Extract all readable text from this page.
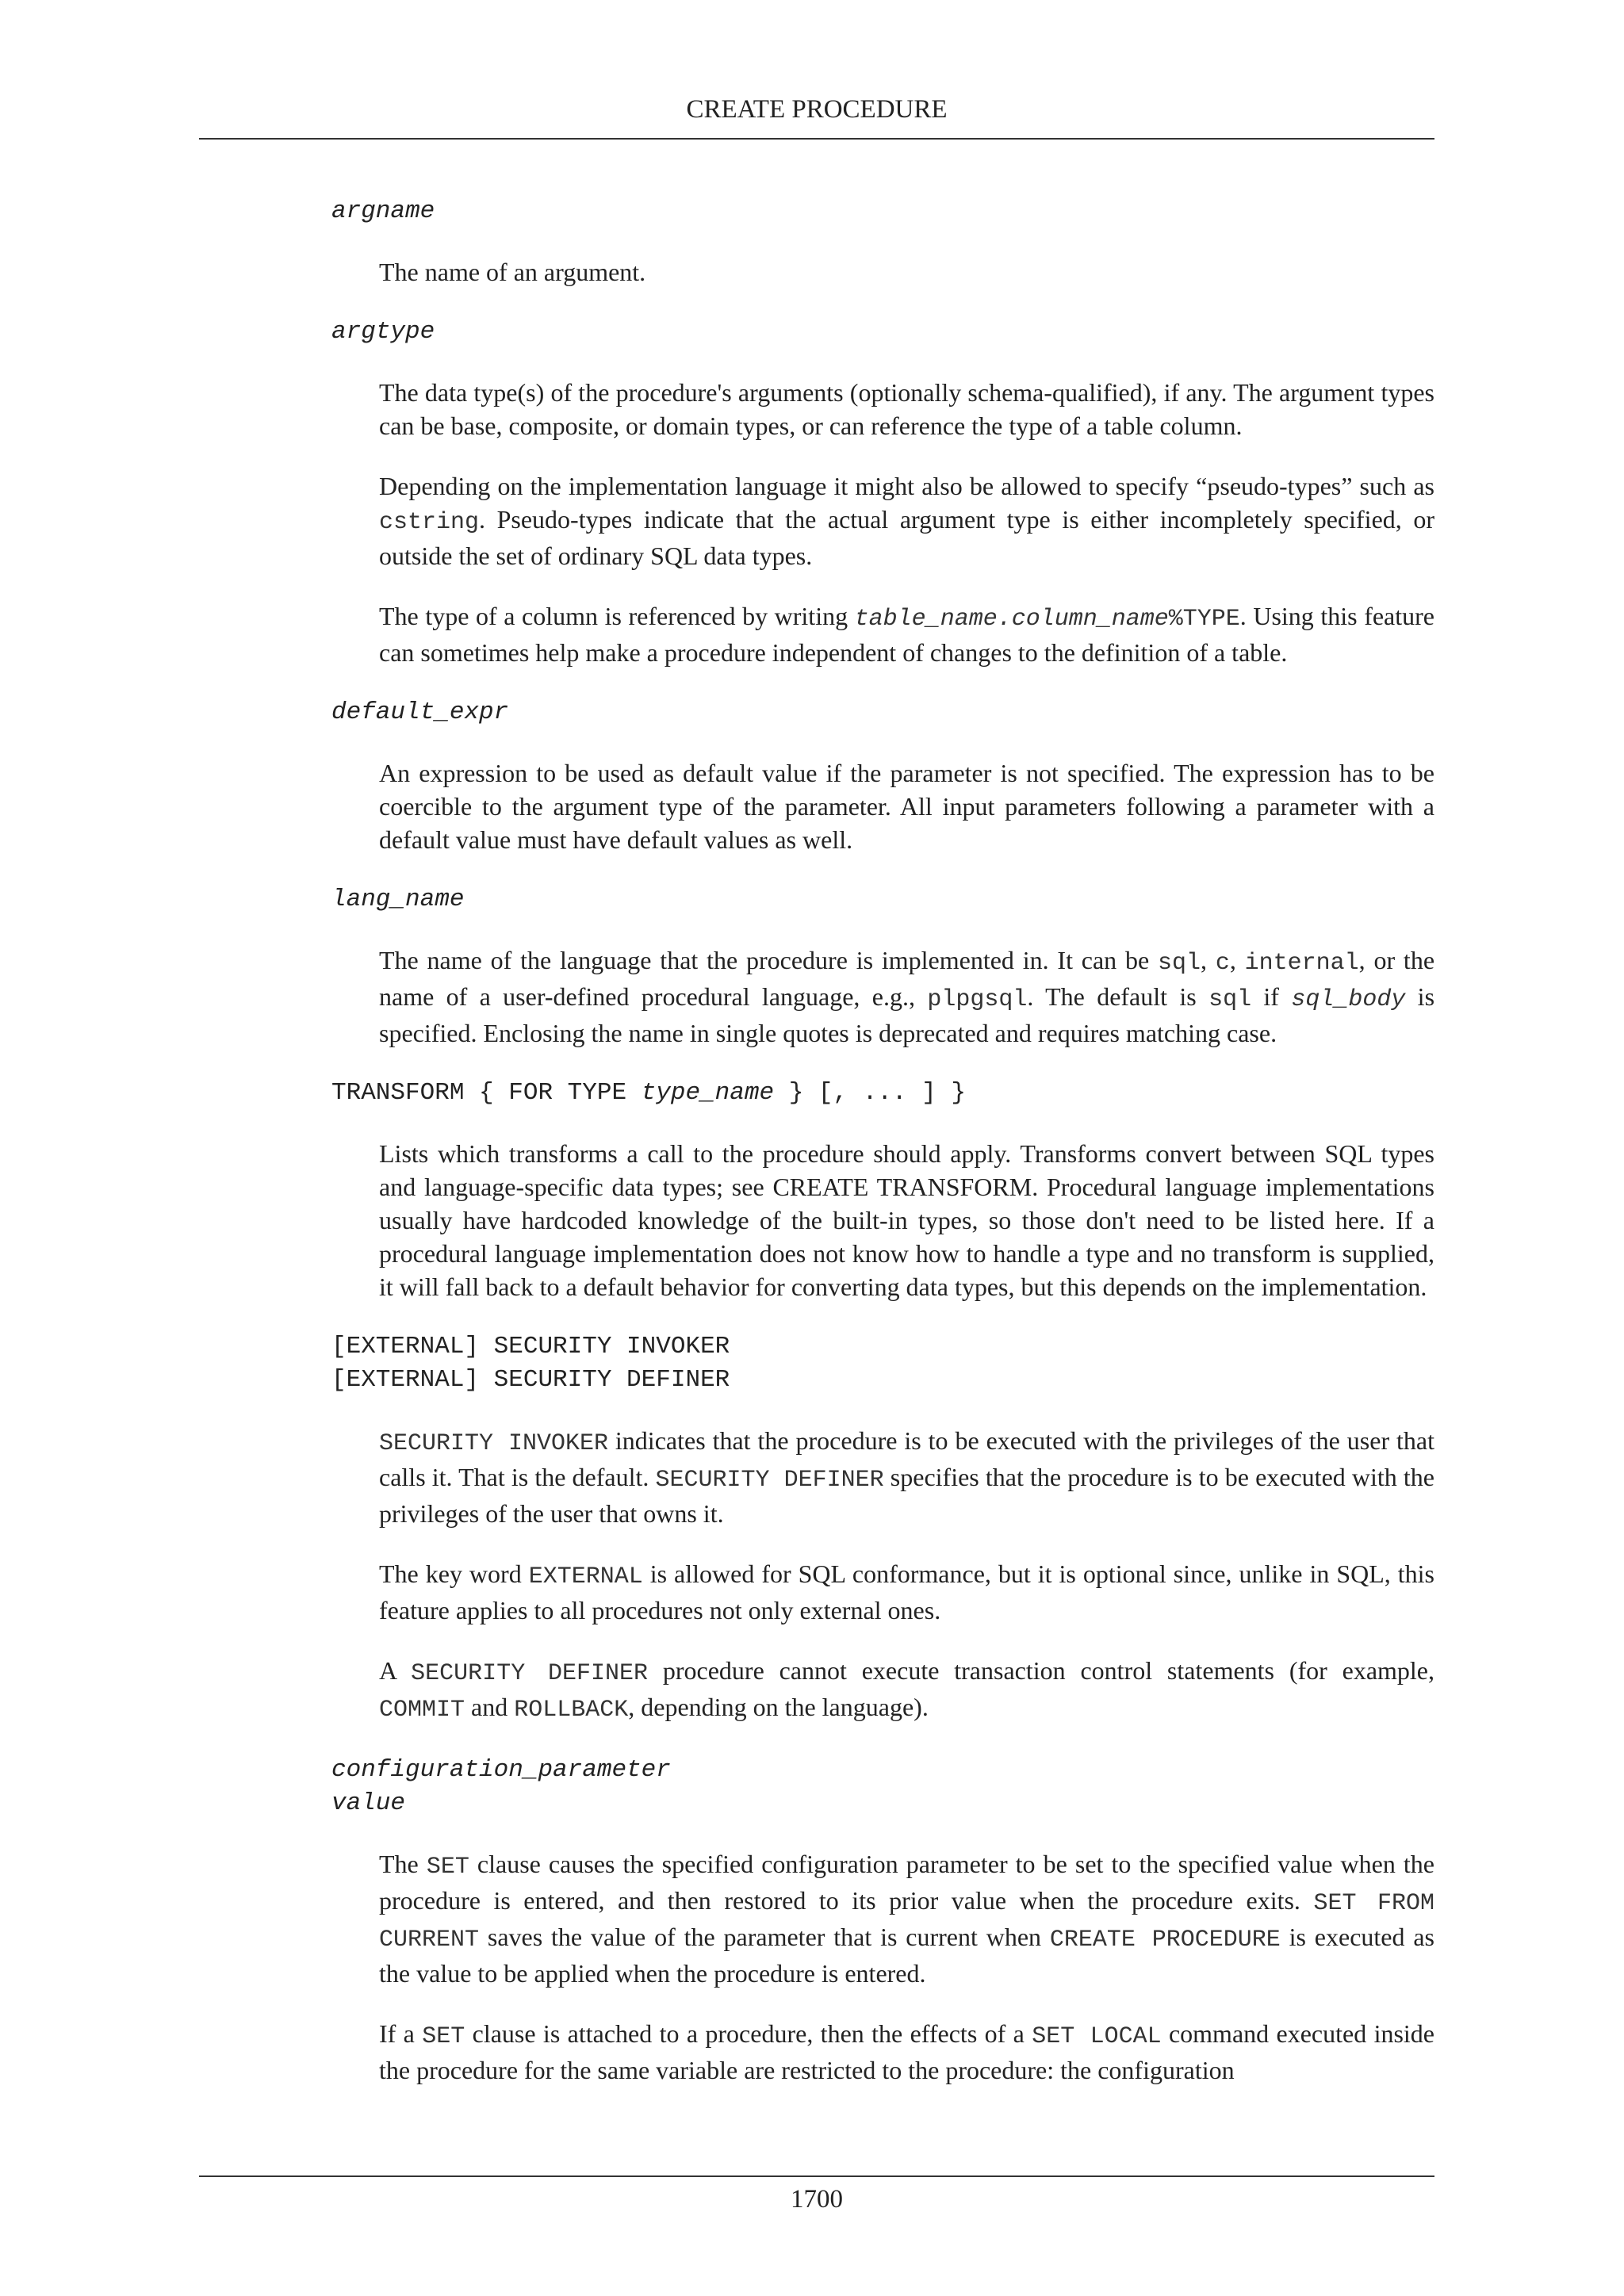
CREATE PROCEDURE
argname

The name of an argument.

argtype

The data type(s) of the procedure's arguments (optionally schema-qualified), if any. The argument types can be base, composite, or domain types, or can reference the type of a table column.

Depending on the implementation language it might also be allowed to specify “pseudo-types” such as cstring. Pseudo-types indicate that the actual argument type is either incompletely specified, or outside the set of ordinary SQL data types.

The type of a column is referenced by writing table_name.column_name%TYPE. Using this feature can sometimes help make a procedure independent of changes to the definition of a table.

default_expr

An expression to be used as default value if the parameter is not specified. The expression has to be coercible to the argument type of the parameter. All input parameters following a parameter with a default value must have default values as well.

lang_name

The name of the language that the procedure is implemented in. It can be sql, c, internal, or the name of a user-defined procedural language, e.g., plpgsql. The default is sql if sql_body is specified. Enclosing the name in single quotes is deprecated and requires matching case.

TRANSFORM { FOR TYPE type_name } [, ... ] }

Lists which transforms a call to the procedure should apply. Transforms convert between SQL types and language-specific data types; see CREATE TRANSFORM. Procedural language implementations usually have hardcoded knowledge of the built-in types, so those don't need to be listed here. If a procedural language implementation does not know how to handle a type and no transform is supplied, it will fall back to a default behavior for converting data types, but this depends on the implementation.

[EXTERNAL] SECURITY INVOKER
[EXTERNAL] SECURITY DEFINER

SECURITY INVOKER indicates that the procedure is to be executed with the privileges of the user that calls it. That is the default. SECURITY DEFINER specifies that the procedure is to be executed with the privileges of the user that owns it.

The key word EXTERNAL is allowed for SQL conformance, but it is optional since, unlike in SQL, this feature applies to all procedures not only external ones.

A SECURITY DEFINER procedure cannot execute transaction control statements (for example, COMMIT and ROLLBACK, depending on the language).

configuration_parameter
value

The SET clause causes the specified configuration parameter to be set to the specified value when the procedure is entered, and then restored to its prior value when the procedure exits. SET FROM CURRENT saves the value of the parameter that is current when CREATE PROCEDURE is executed as the value to be applied when the procedure is entered.

If a SET clause is attached to a procedure, then the effects of a SET LOCAL command executed inside the procedure for the same variable are restricted to the procedure: the configuration

1700
